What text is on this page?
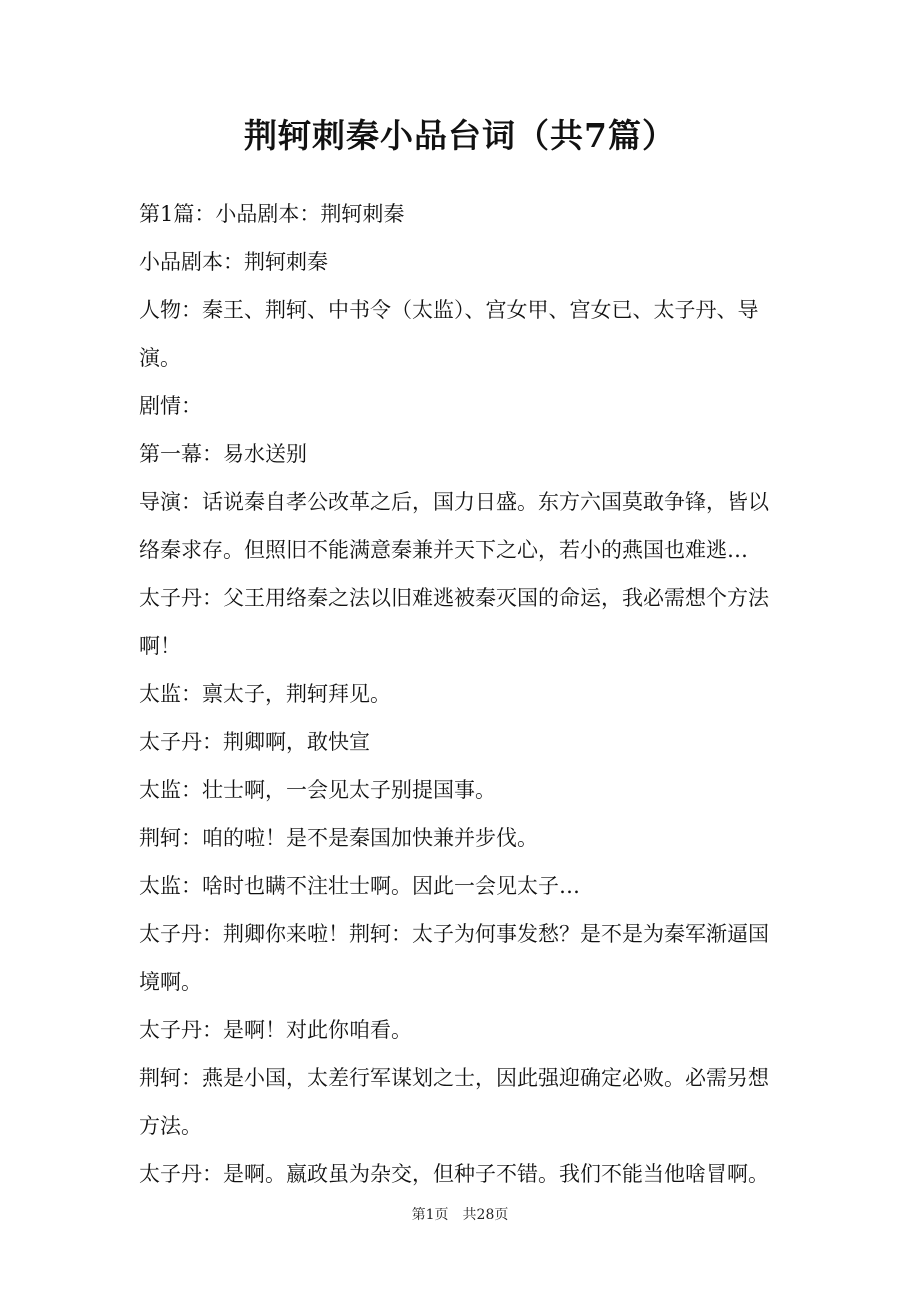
荆轲刺秦小品台词（共7篇）

第1篇：小品剧本：荆轲刺秦

小品剧本：荆轲刺秦

人物：秦王、荆轲、中书令（太监）、宫女甲、宫女已、太子丹、导演。

剧情：

第一幕：易水送别

导演：话说秦自孝公改革之后，国力日盛。东方六国莫敢争锋，皆以络秦求存。但照旧不能满意秦兼并天下之心，若小的燕国也难逃…

太子丹：父王用络秦之法以旧难逃被秦灭国的命运，我必需想个方法啊！

太监：禀太子，荆轲拜见。

太子丹：荆卿啊，敢快宣

太监：壮士啊，一会见太子别提国事。

荆轲：咱的啦！是不是秦国加快兼并步伐。

太监：啥时也瞒不注壮士啊。因此一会见太子…

太子丹：荆卿你来啦！荆轲：太子为何事发愁？是不是为秦军渐逼国境啊。

太子丹：是啊！对此你咱看。

荆轲：燕是小国，太差行军谋划之士，因此强迎确定必败。必需另想方法。

太子丹：是啊。嬴政虽为杂交，但种子不错。我们不能当他啥冒啊。

第1页 共28页
